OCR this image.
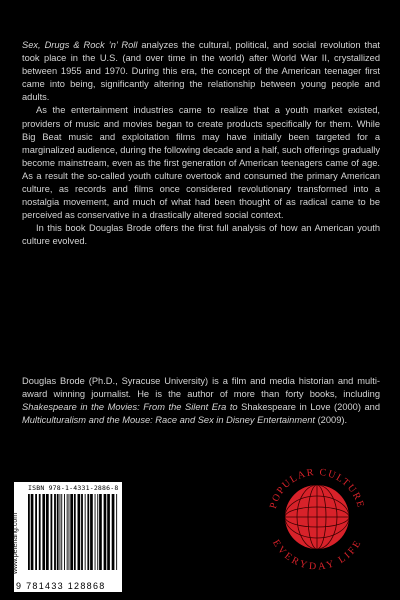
Sex, Drugs & Rock ’n’ Roll analyzes the cultural, political, and social revolution that took place in the U.S. (and over time in the world) after World War II, crystallized between 1955 and 1970. During this era, the concept of the American teenager first came into being, significantly altering the relationship between young people and adults.

As the entertainment industries came to realize that a youth market existed, providers of music and movies began to create products specifically for them. While Big Beat music and exploitation films may have initially been targeted for a marginalized audience, during the following decade and a half, such offerings gradually become mainstream, even as the first generation of American teenagers came of age. As a result the so-called youth culture overtook and consumed the primary American culture, as records and films once considered revolutionary transformed into a nostalgia movement, and much of what had been thought of as radical came to be perceived as conservative in a drastically altered social context.

In this book Douglas Brode offers the first full analysis of how an American youth culture evolved.

Douglas Brode (Ph.D., Syracuse University) is a film and media historian and multi-award winning journalist. He is the author of more than forty books, including Shakespeare in the Movies: From the Silent Era to Shakespeare in Love (2000) and Multiculturalism and the Mouse: Race and Sex in Disney Entertainment (2009).

ISBN 978-1-4331-2886-8
9 781433 128868
www.peterlang.com
POPULAR CULTURE
EVERYDAY LIFE
